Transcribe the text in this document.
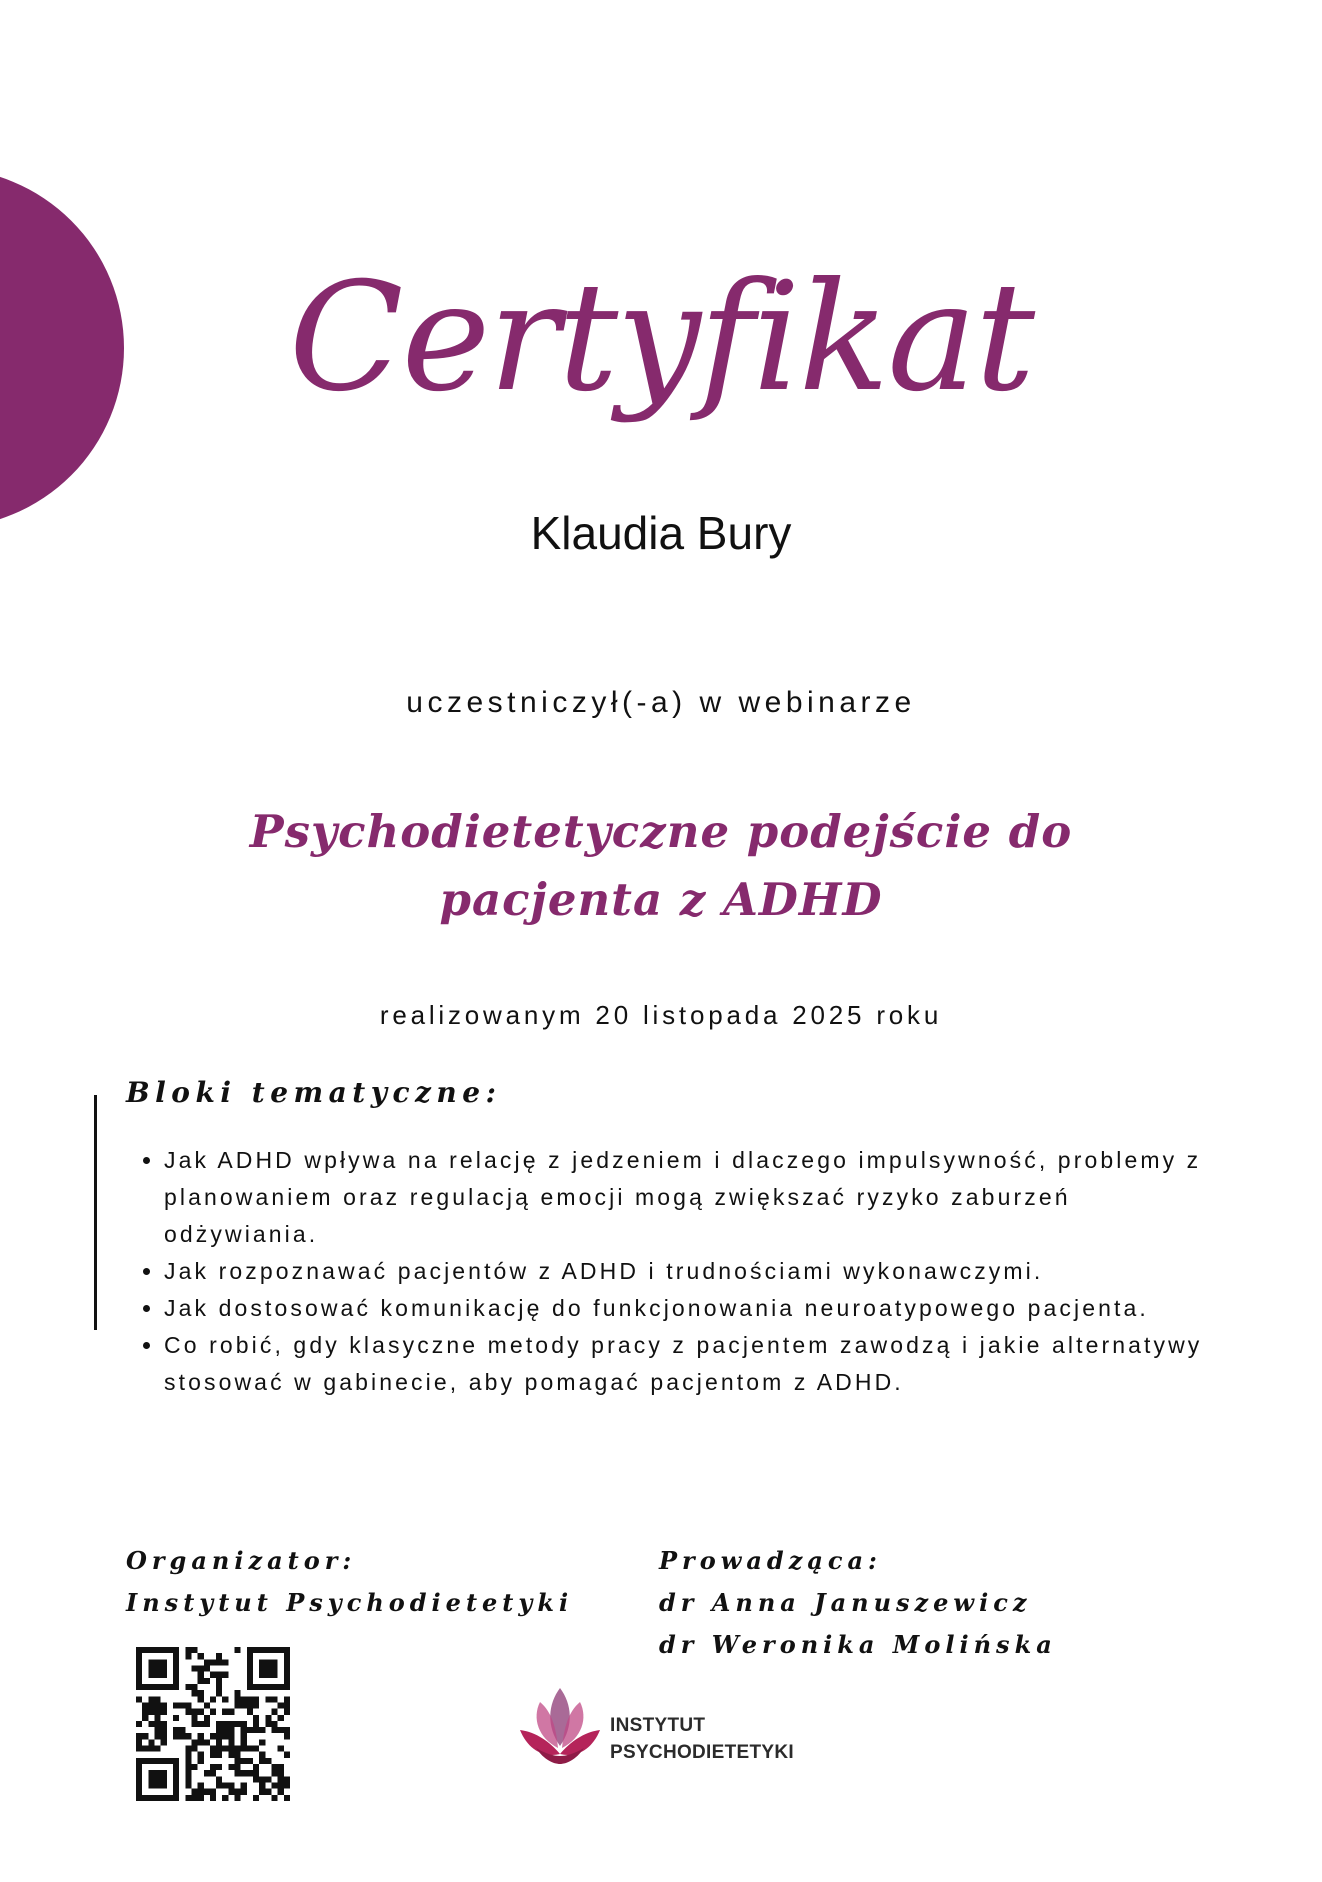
Certyfikat
Klaudia Bury
uczestniczył(-a) w webinarze
Psychodietetyczne podejście do pacjenta z ADHD
realizowanym 20 listopada 2025 roku
Bloki tematyczne:
• Jak ADHD wpływa na relację z jedzeniem i dlaczego impulsywność, problemy z planowaniem oraz regulacją emocji mogą zwiększać ryzyko zaburzeń odżywiania.
• Jak rozpoznawać pacjentów z ADHD i trudnościami wykonawczymi.
• Jak dostosować komunikację do funkcjonowania neuroatypowego pacjenta.
• Co robić, gdy klasyczne metody pracy z pacjentem zawodzą i jakie alternatywy stosować w gabinecie, aby pomagać pacjentom z ADHD.
Organizator:
Instytut Psychodietetyki
Prowadząca:
dr Anna Januszewicz
dr Weronika Molińska
INSTYTUT
PSYCHODIETETYKI
